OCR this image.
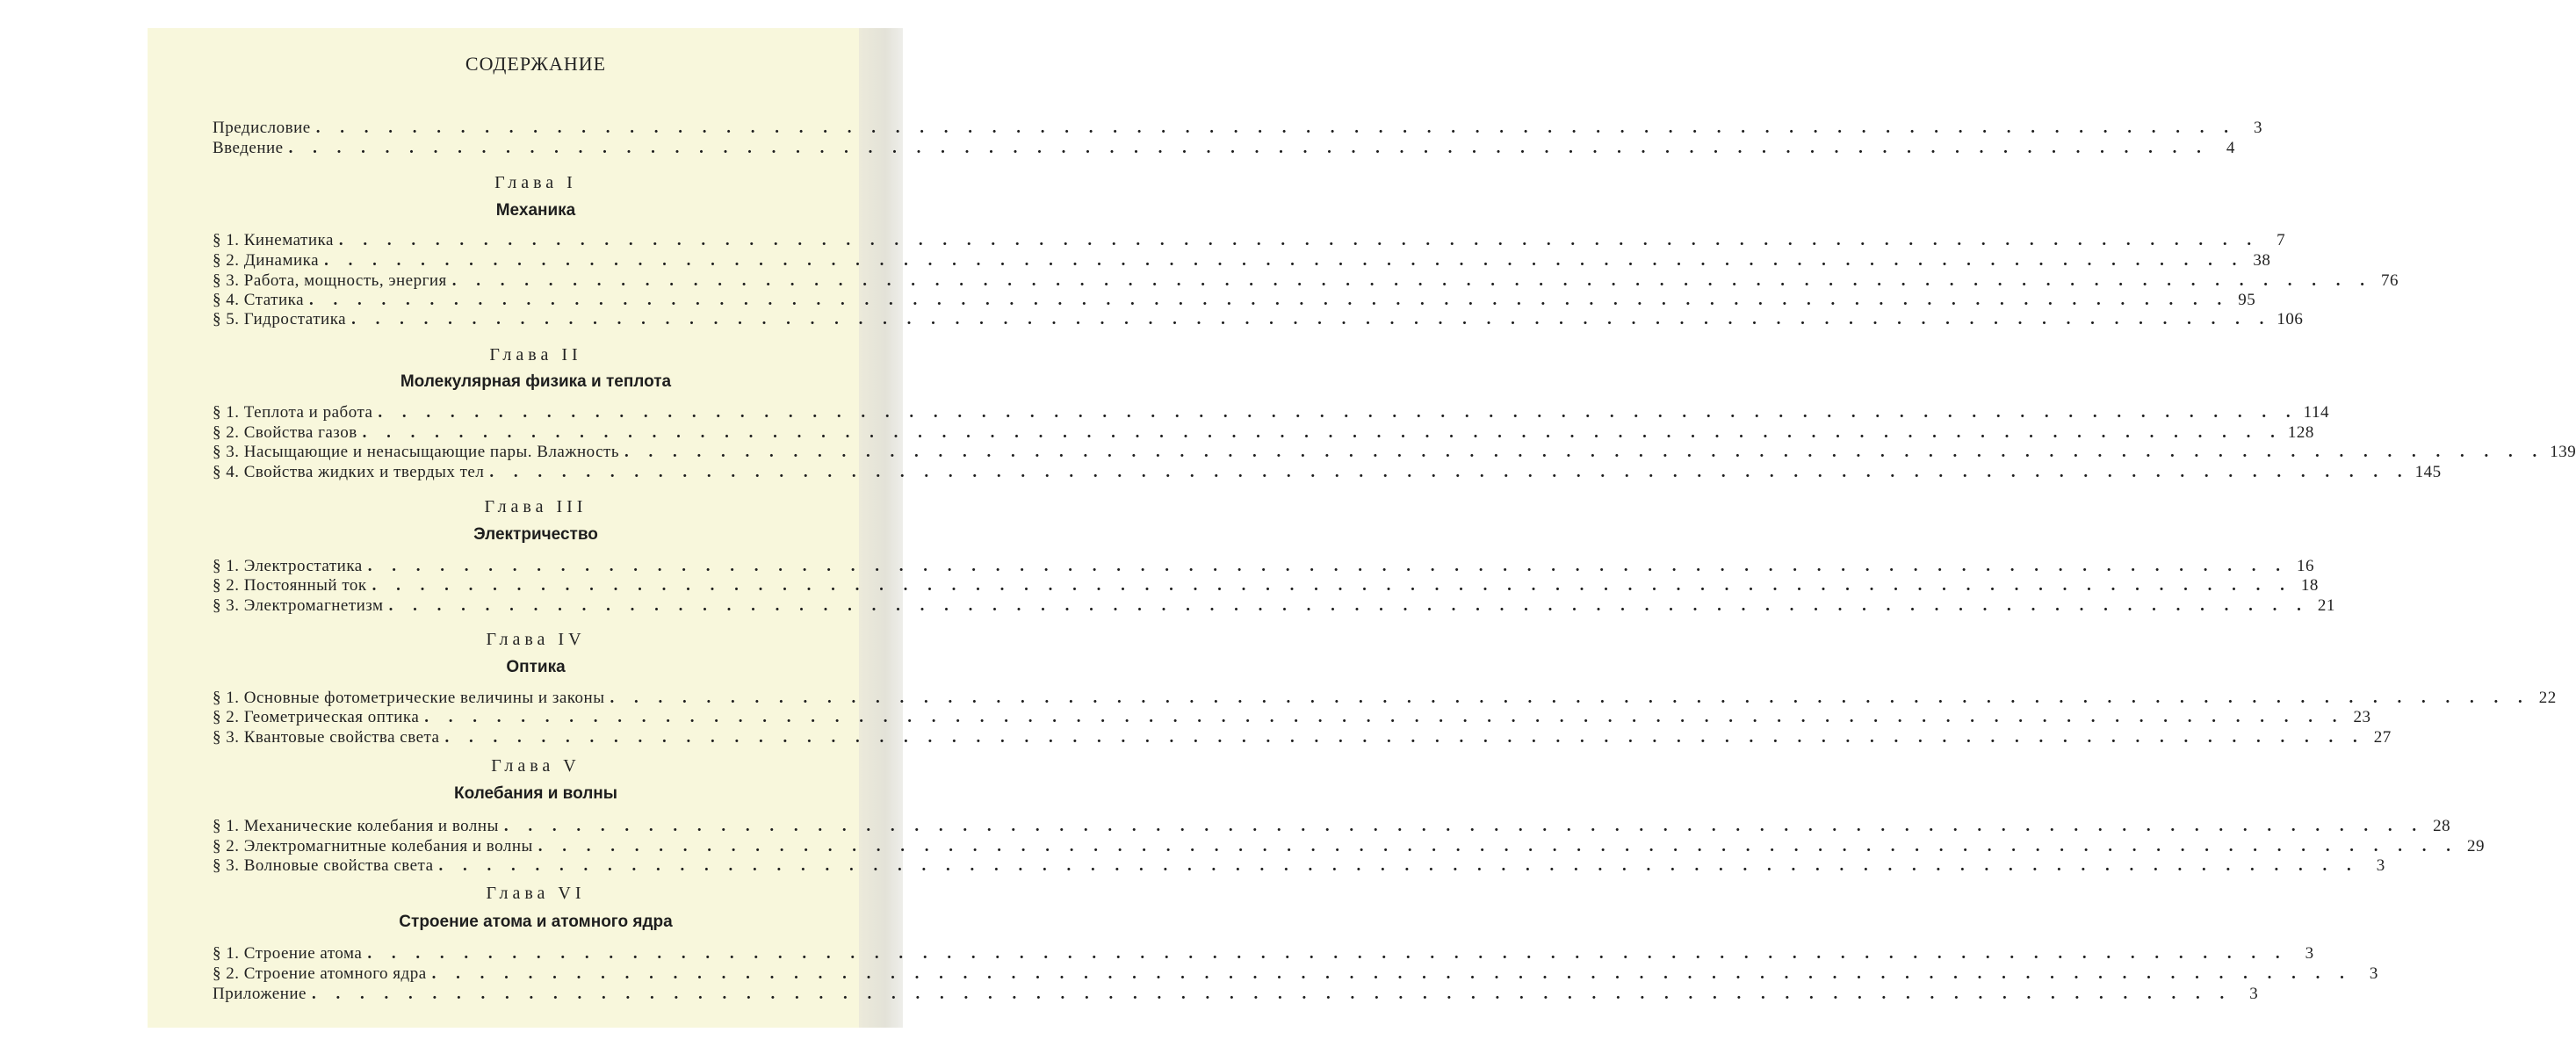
СОДЕРЖАНИЕ
Предисловие . . . . . . . . . . . . . . . . . . . . . . . . . . . . . . . . . . . . . . . . . . . . . . . . . . . . . . . . . . . . . . . . . . . . . . . . . . . . . . . .	3
Введение . . . . . . . . . . . . . . . . . . . . . . . . . . . . . . . . . . . . . . . . . . . . . . . . . . . . . . . . . . . . . . . . . . . . . . . . . . . . . . . .	4
Глава I
Механика
§ 1. Кинематика . . . . . . . . . . . . . . . . . . . . . . . . . . . . . . . . . . . . . . . . . . . . . . . . . . . . . . . . . . . . . . . . . . . . . . . . . . . . . . . .	7
§ 2. Динамика . . . . . . . . . . . . . . . . . . . . . . . . . . . . . . . . . . . . . . . . . . . . . . . . . . . . . . . . . . . . . . . . . . . . . . . . . . . . . . . . 38
§ 3. Работа, мощность, энергия . . . . . . . . . . . . . . . . . . . . . . . . . . . . . . . . . . . . . . . . . . . . . . . . . . . . . . . . . . . . . . . . . . . . . . . . . . . . . . . . 76
§ 4. Статика . . . . . . . . . . . . . . . . . . . . . . . . . . . . . . . . . . . . . . . . . . . . . . . . . . . . . . . . . . . . . . . . . . . . . . . . . . . . . . . . 95
§ 5. Гидростатика . . . . . . . . . . . . . . . . . . . . . . . . . . . . . . . . . . . . . . . . . . . . . . . . . . . . . . . . . . . . . . . . . . . . . . . . . . . . . . . . 106
Глава II
Молекулярная физика и теплота
§ 1. Теплота и работа . . . . . . . . . . . . . . . . . . . . . . . . . . . . . . . . . . . . . . . . . . . . . . . . . . . . . . . . . . . . . . . . . . . . . . . . . . . . . . . . 114
§ 2. Свойства газов . . . . . . . . . . . . . . . . . . . . . . . . . . . . . . . . . . . . . . . . . . . . . . . . . . . . . . . . . . . . . . . . . . . . . . . . . . . . . . . . 128
§ 3. Насыщающие и ненасыщающие пары. Влажность . . . . . . . . . . . . . . . . . . . . . . . . . . . . . . . . . . . . . . . . . . . . . . . . . . . . . . . . . . . . . . . . . . . . . . . . . . . . . . . . 139
§ 4. Свойства жидких и твердых тел . . . . . . . . . . . . . . . . . . . . . . . . . . . . . . . . . . . . . . . . . . . . . . . . . . . . . . . . . . . . . . . . . . . . . . . . . . . . . . . . 145
Глава III
Электричество
§ 1. Электростатика . . . . . . . . . . . . . . . . . . . . . . . . . . . . . . . . . . . . . . . . . . . . . . . . . . . . . . . . . . . . . . . . . . . . . . . . . . . . . . . . 16
§ 2. Постоянный ток . . . . . . . . . . . . . . . . . . . . . . . . . . . . . . . . . . . . . . . . . . . . . . . . . . . . . . . . . . . . . . . . . . . . . . . . . . . . . . . . 18
§ 3. Электромагнетизм . . . . . . . . . . . . . . . . . . . . . . . . . . . . . . . . . . . . . . . . . . . . . . . . . . . . . . . . . . . . . . . . . . . . . . . . . . . . . . . . 21
Глава IV
Оптика
§ 1. Основные фотометрические величины и законы . . . . . . . . . . . . . . . . . . . . . . . . . . . . . . . . . . . . . . . . . . . . . . . . . . . . . . . . . . . . . . . . . . . . . . . . . . . . . . . . 22
§ 2. Геометрическая оптика . . . . . . . . . . . . . . . . . . . . . . . . . . . . . . . . . . . . . . . . . . . . . . . . . . . . . . . . . . . . . . . . . . . . . . . . . . . . . . . . 23
§ 3. Квантовые свойства света . . . . . . . . . . . . . . . . . . . . . . . . . . . . . . . . . . . . . . . . . . . . . . . . . . . . . . . . . . . . . . . . . . . . . . . . . . . . . . . . 27
Глава V
Колебания и волны
§ 1. Механические колебания и волны . . . . . . . . . . . . . . . . . . . . . . . . . . . . . . . . . . . . . . . . . . . . . . . . . . . . . . . . . . . . . . . . . . . . . . . . . . . . . . . . 28
§ 2. Электромагнитные колебания и волны . . . . . . . . . . . . . . . . . . . . . . . . . . . . . . . . . . . . . . . . . . . . . . . . . . . . . . . . . . . . . . . . . . . . . . . . . . . . . . . . 29
§ 3. Волновые свойства света . . . . . . . . . . . . . . . . . . . . . . . . . . . . . . . . . . . . . . . . . . . . . . . . . . . . . . . . . . . . . . . . . . . . . . . . . . . . . . . .	3
Глава VI
Строение атома и атомного ядра
§ 1. Строение атома . . . . . . . . . . . . . . . . . . . . . . . . . . . . . . . . . . . . . . . . . . . . . . . . . . . . . . . . . . . . . . . . . . . . . . . . . . . . . . . .	3
§ 2. Строение атомного ядра . . . . . . . . . . . . . . . . . . . . . . . . . . . . . . . . . . . . . . . . . . . . . . . . . . . . . . . . . . . . . . . . . . . . . . . . . . . . . . . .	3
Приложение . . . . . . . . . . . . . . . . . . . . . . . . . . . . . . . . . . . . . . . . . . . . . . . . . . . . . . . . . . . . . . . . . . . . . . . . . . . . . . . .	3
